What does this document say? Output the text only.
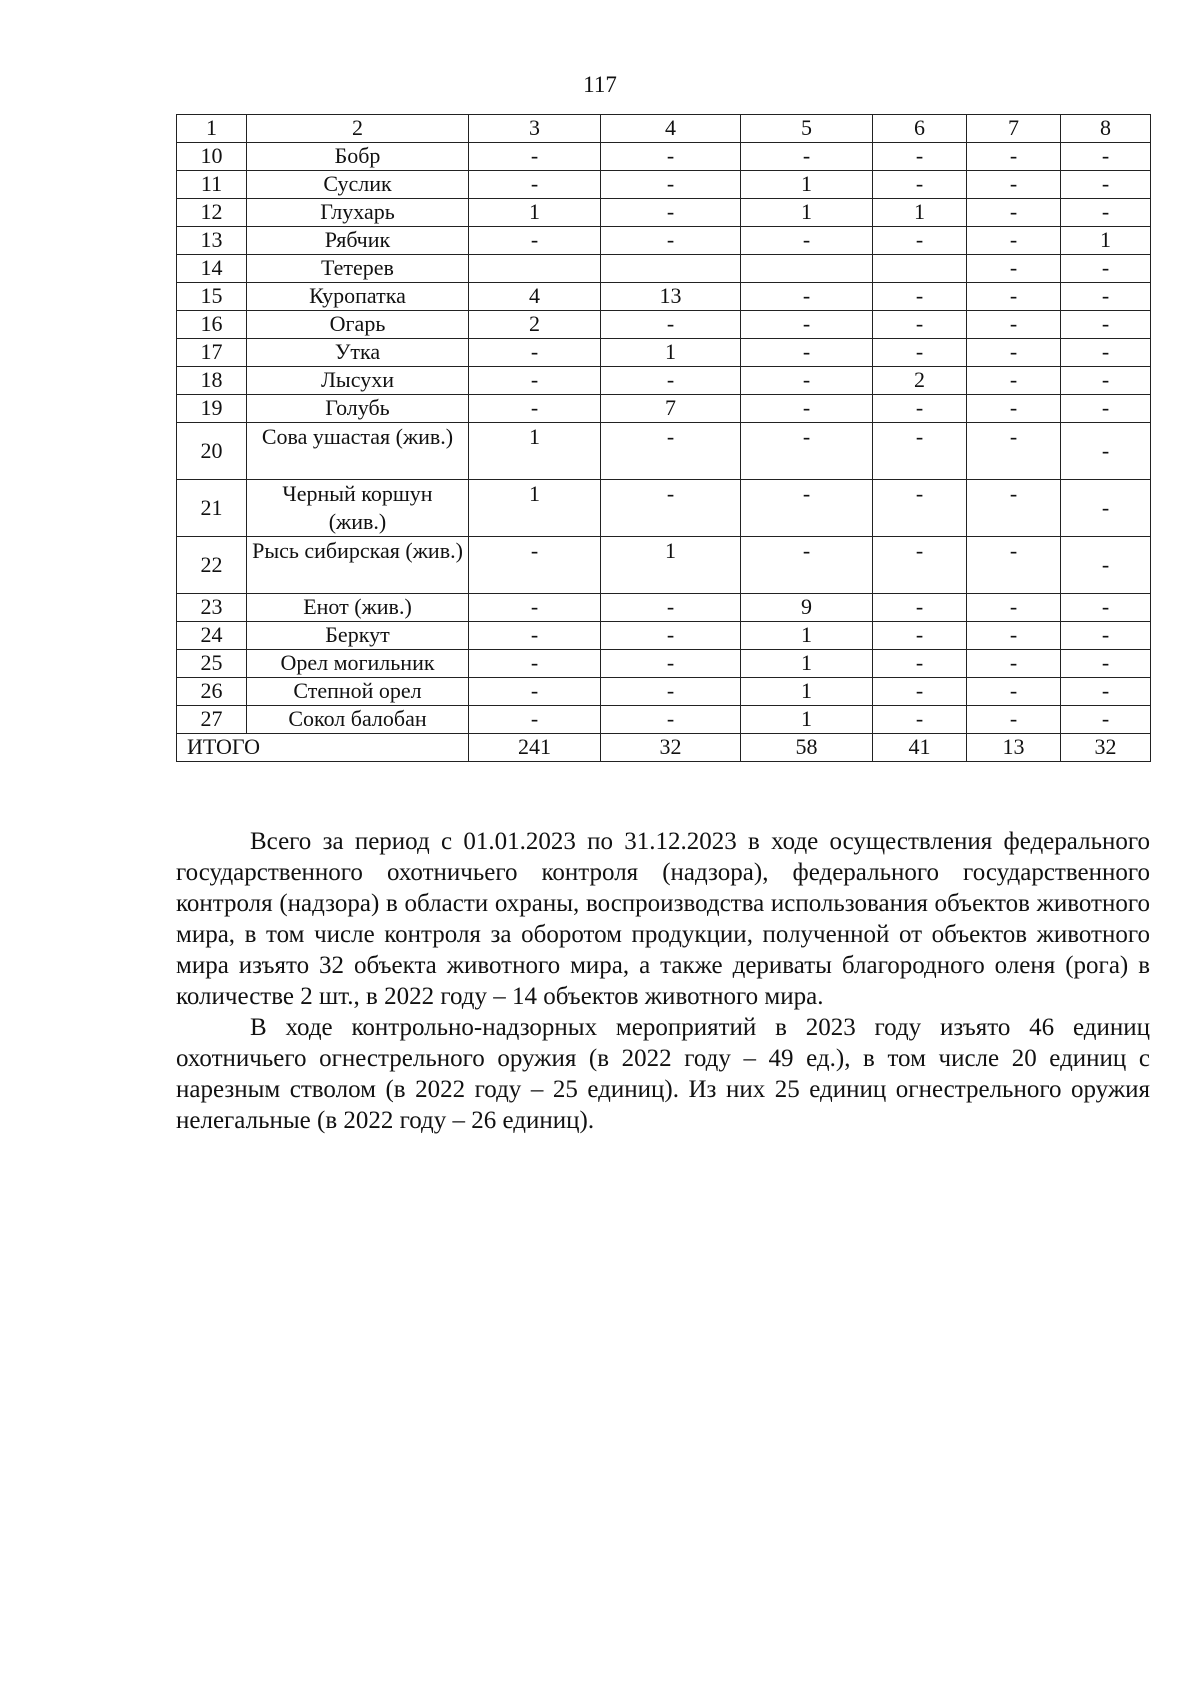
117
1	2	3	4	5	6	7	8
10	Бобр	-	-	-	-	-	-
11	Суслик	-	-	1	-	-	-
12	Глухарь	1	-	1	1	-	-
13	Рябчик	-	-	-	-	-	1
14	Тетерев					-	-
15	Куропатка	4	13	-	-	-	-
16	Огарь	2	-	-	-	-	-
17	Утка	-	1	-	-	-	-
18	Лысухи	-	-	-	2	-	-
19	Голубь	-	7	-	-	-	-
20	Сова ушастая (жив.)	1	-	-	-	-	-
21	Черный коршун (жив.)	1	-	-	-	-	-
22	Рысь сибирская (жив.)	-	1	-	-	-	-
23	Енот (жив.)	-	-	9	-	-	-
24	Беркут	-	-	1	-	-	-
25	Орел могильник	-	-	1	-	-	-
26	Степной орел	-	-	1	-	-	-
27	Сокол балобан	-	-	1	-	-	-
ИТОГО		241	32	58	41	13	32

Всего за период с 01.01.2023 по 31.12.2023 в ходе осуществления федерального государственного охотничьего контроля (надзора), федерального государственного контроля (надзора) в области охраны, воспроизводства использования объектов животного мира, в том числе контроля за оборотом продукции, полученной от объектов животного мира изъято 32 объекта животного мира, а также дериваты благородного оленя (рога) в количестве 2 шт., в 2022 году – 14 объектов животного мира.

В ходе контрольно-надзорных мероприятий в 2023 году изъято 46 единиц охотничьего огнестрельного оружия (в 2022 году – 49 ед.), в том числе 20 единиц с нарезным стволом (в 2022 году – 25 единиц). Из них 25 единиц огнестрельного оружия нелегальные (в 2022 году – 26 единиц).
